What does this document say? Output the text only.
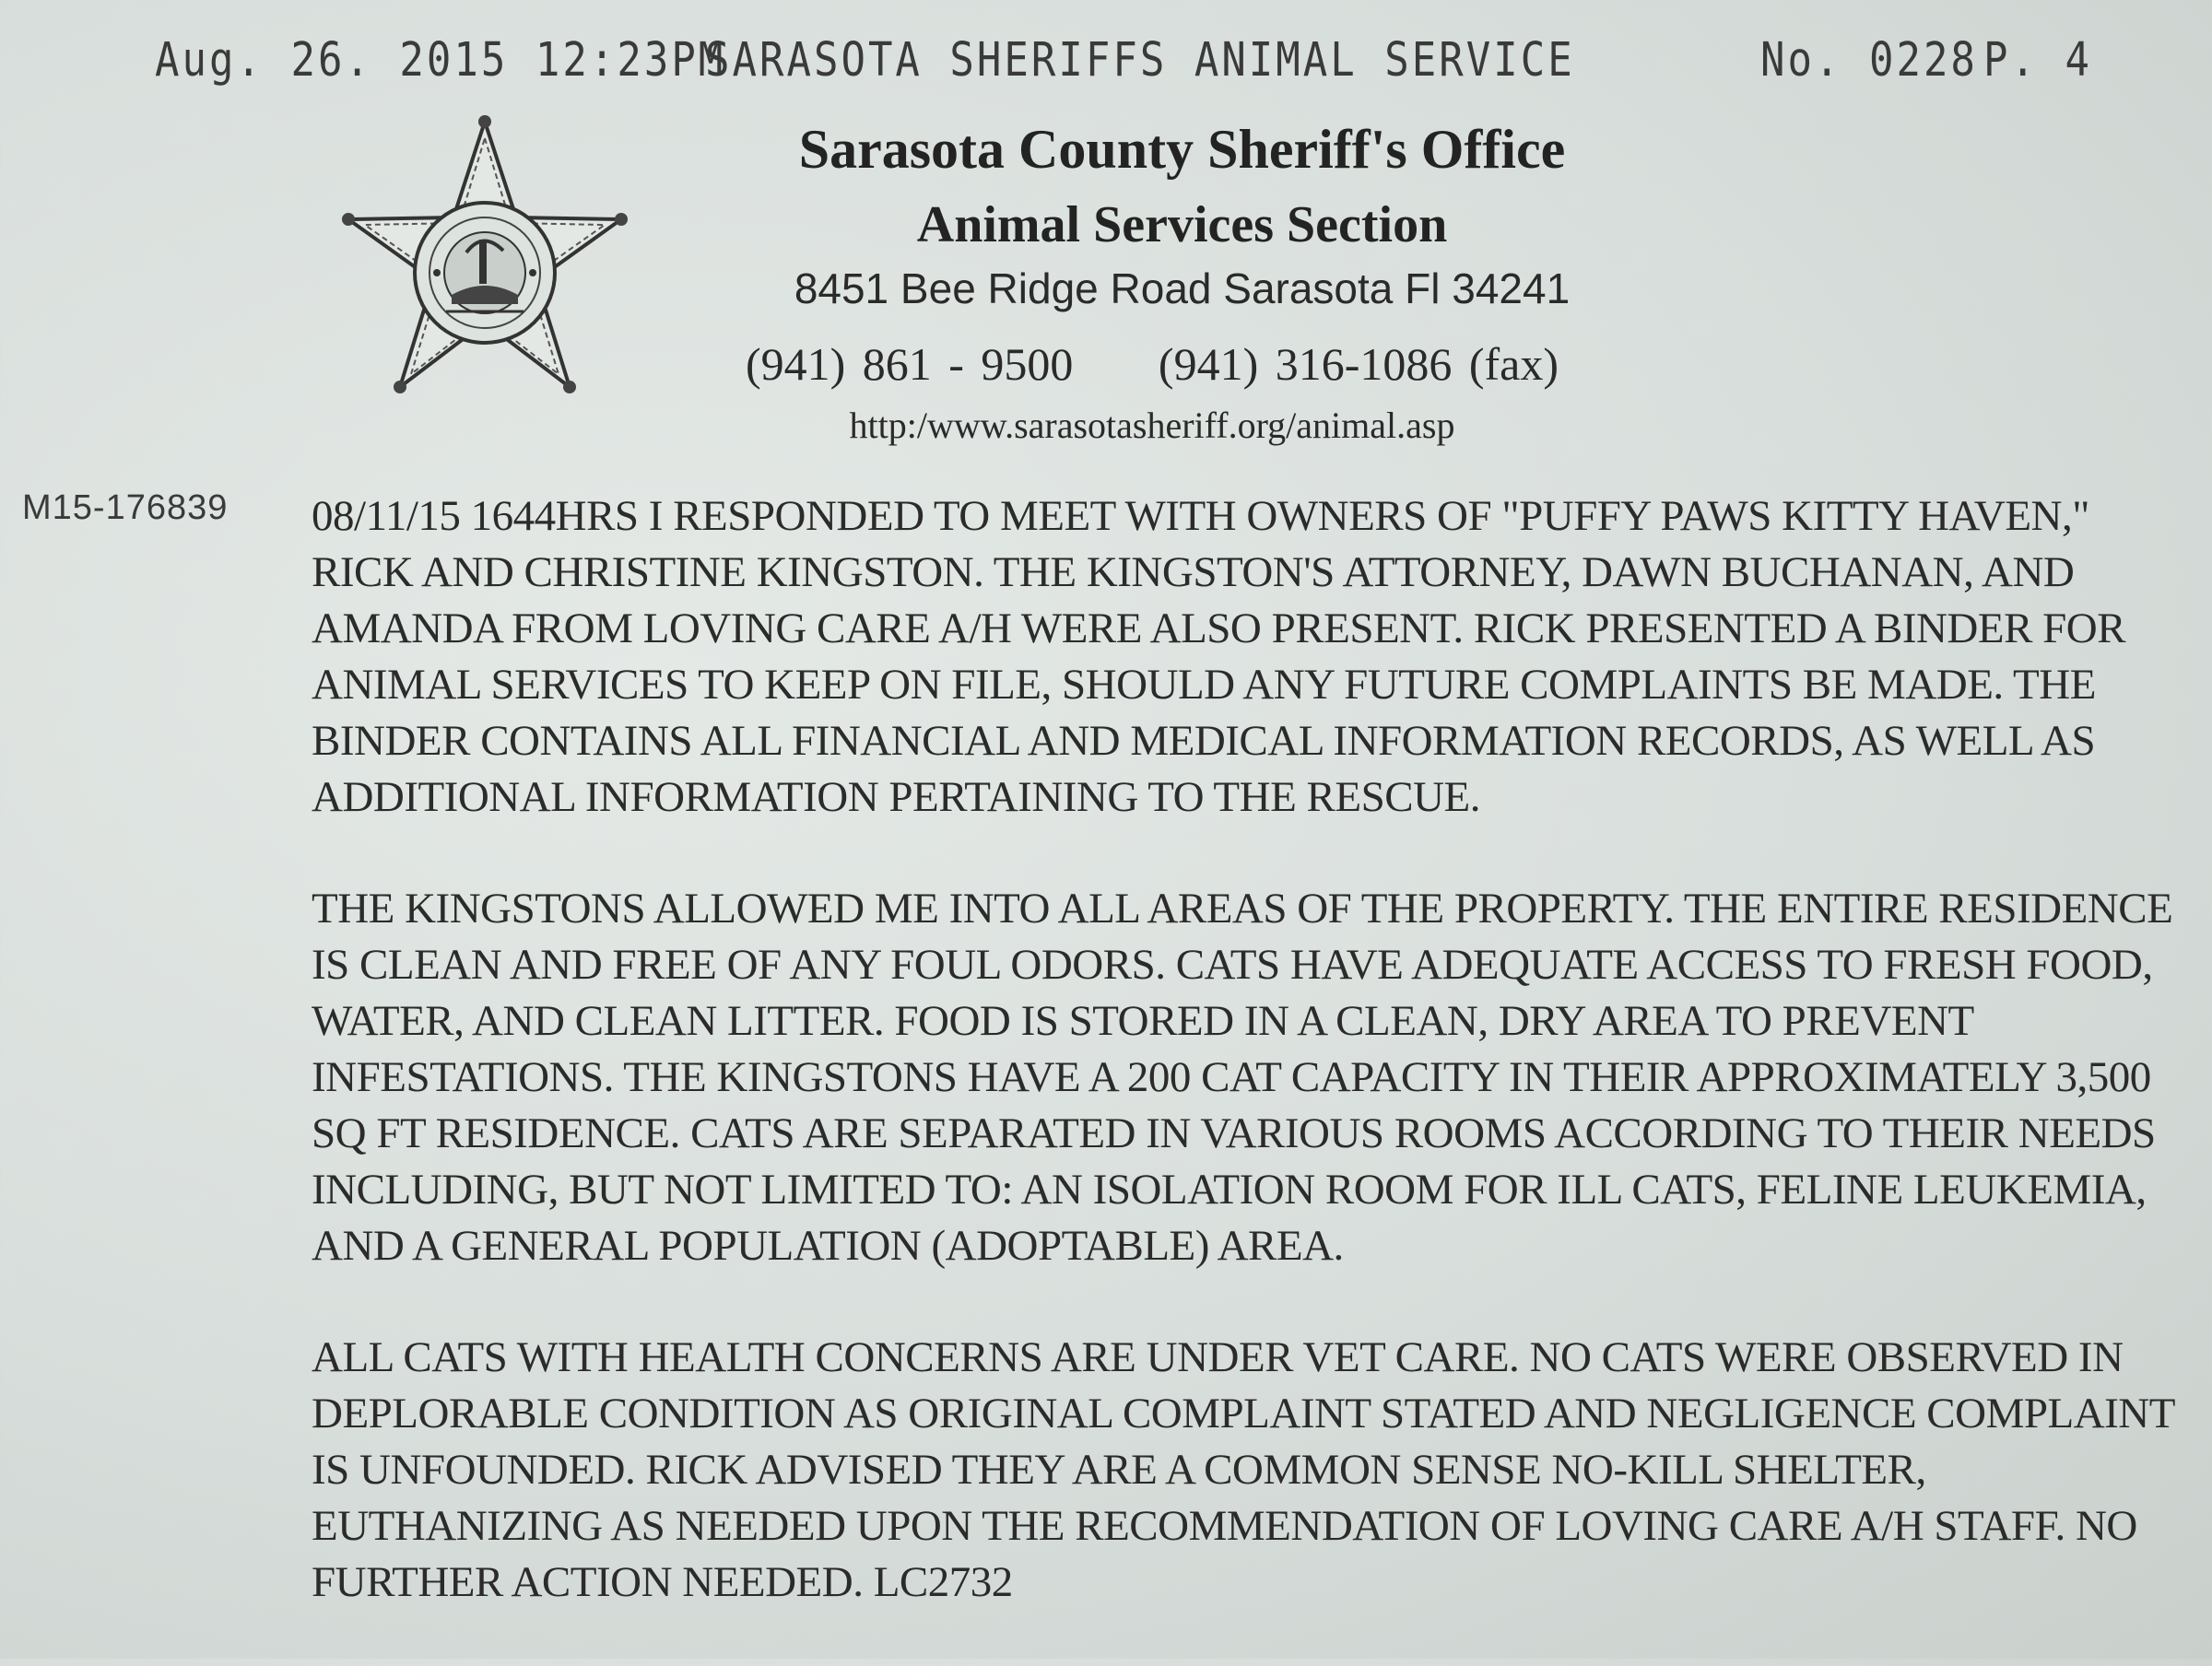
Aug. 26. 2015 12:23PM
SARASOTA SHERIFFS ANIMAL SERVICE	No. 0228 P. 4
Sarasota County Sheriff's Office
Animal Services Section
8451 Bee Ridge Road Sarasota Fl 34241
(941) 861 - 9500 (941) 316-1086 (fax)
http:/www.sarasotasheriff.org/animal.asp
M15-176839 08/11/15 1644HRS I RESPONDED TO MEET WITH OWNERS OF "PUFFY PAWS KITTY HAVEN,"
RICK AND CHRISTINE KINGSTON. THE KINGSTON'S ATTORNEY, DAWN BUCHANAN, AND
AMANDA FROM LOVING CARE A/H WERE ALSO PRESENT. RICK PRESENTED A BINDER FOR
ANIMAL SERVICES TO KEEP ON FILE, SHOULD ANY FUTURE COMPLAINTS BE MADE. THE
BINDER CONTAINS ALL FINANCIAL AND MEDICAL INFORMATION RECORDS, AS WELL AS
ADDITIONAL INFORMATION PERTAINING TO THE RESCUE.
THE KINGSTONS ALLOWED ME INTO ALL AREAS OF THE PROPERTY. THE ENTIRE RESIDENCE
IS CLEAN AND FREE OF ANY FOUL ODORS. CATS HAVE ADEQUATE ACCESS TO FRESH FOOD,
WATER, AND CLEAN LITTER. FOOD IS STORED IN A CLEAN, DRY AREA TO PREVENT
INFESTATIONS. THE KINGSTONS HAVE A 200 CAT CAPACITY IN THEIR APPROXIMATELY 3,500
SQ FT RESIDENCE. CATS ARE SEPARATED IN VARIOUS ROOMS ACCORDING TO THEIR NEEDS
INCLUDING, BUT NOT LIMITED TO: AN ISOLATION ROOM FOR ILL CATS, FELINE LEUKEMIA,
AND A GENERAL POPULATION (ADOPTABLE) AREA.
ALL CATS WITH HEALTH CONCERNS ARE UNDER VET CARE. NO CATS WERE OBSERVED IN
DEPLORABLE CONDITION AS ORIGINAL COMPLAINT STATED AND NEGLIGENCE COMPLAINT
IS UNFOUNDED. RICK ADVISED THEY ARE A COMMON SENSE NO-KILL SHELTER,
EUTHANIZING AS NEEDED UPON THE RECOMMENDATION OF LOVING CARE A/H STAFF. NO
FURTHER ACTION NEEDED. LC2732
